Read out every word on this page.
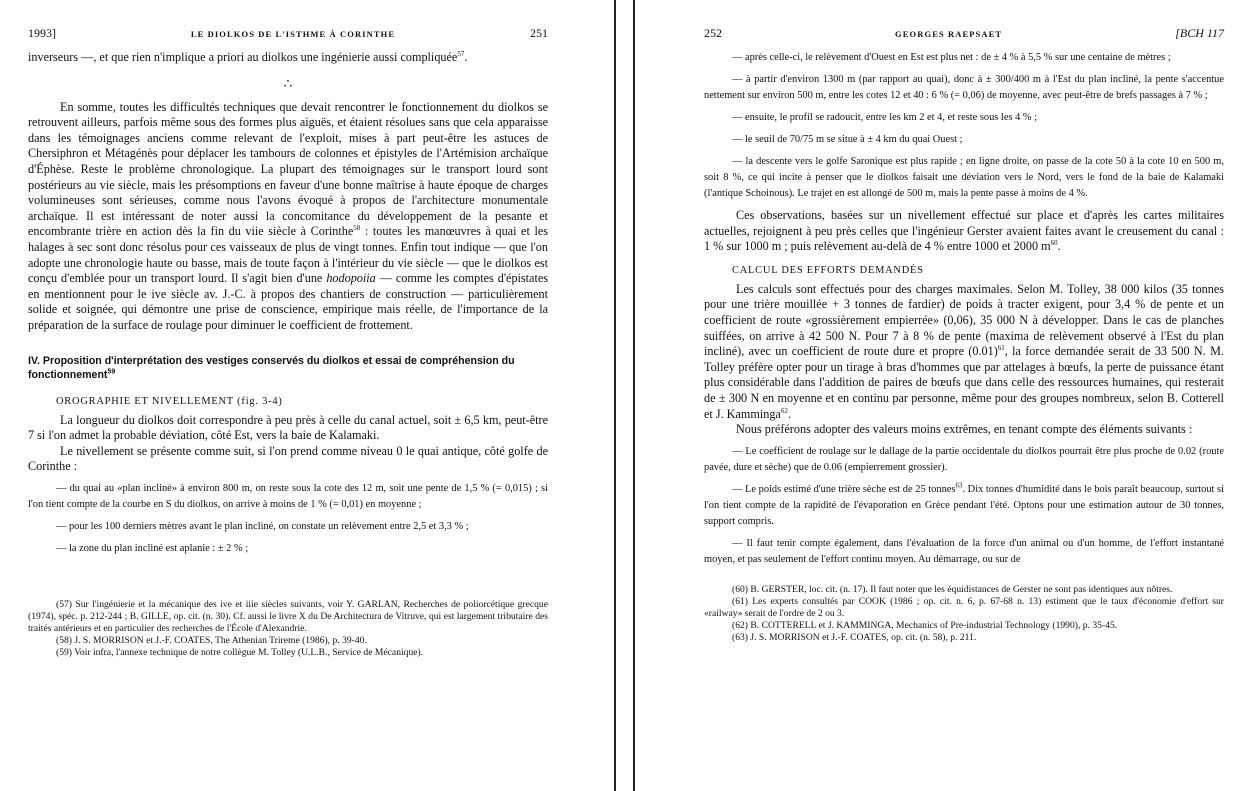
1993]	LE DIOLKOS DE L'ISTHME À CORINTHE	251

inverseurs —, et que rien n'implique a priori au diolkos une ingénierie aussi compliquée$^{57}$.

∴

En somme, toutes les difficultés techniques que devait rencontrer le fonctionnement du diolkos se retrouvent ailleurs, parfois même sous des formes plus aiguës, et étaient résolues sans que cela apparaisse dans les témoignages anciens comme relevant de l'exploit, mises à part peut-être les astuces de Chersiphron et Métagénès pour déplacer les tambours de colonnes et épistyles de l'Artémision archaïque d'Éphèse. Reste le problème chronologique. La plupart des témoignages sur le transport lourd sont postérieurs au vie siècle, mais les présomptions en faveur d'une bonne maîtrise à haute époque de charges volumineuses sont sérieuses, comme nous l'avons évoqué à propos de l'architecture monumentale archaïque. Il est intéressant de noter aussi la concomitance du développement de la pesante et encombrante trière en action dès la fin du viie siècle à Corinthe$^{58}$ : toutes les manœuvres à quai et les halages à sec sont donc résolus pour ces vaisseaux de plus de vingt tonnes. Enfin tout indique — que l'on adopte une chronologie haute ou basse, mais de toute façon à l'intérieur du vie siècle — que le diolkos est conçu d'emblée pour un transport lourd. Il s'agit bien d'une hodopoiia — comme les comptes d'épistates en mentionnent pour le ive siècle av. J.-C. à propos des chantiers de construction — particulièrement solide et soignée, qui démontre une prise de conscience, empirique mais réelle, de l'importance de la préparation de la surface de roulage pour diminuer le coefficient de frottement.

IV. Proposition d'interprétation des vestiges conservés du diolkos et essai de compréhension du fonctionnement$^{59}$
OROGRAPHIE ET NIVELLEMENT (fig. 3-4)

La longueur du diolkos doit correspondre à peu près à celle du canal actuel, soit ± 6,5 km, peut-être 7 si l'on admet la probable déviation, côté Est, vers la baie de Kalamaki.

Le nivellement se présente comme suit, si l'on prend comme niveau 0 le quai antique, côté golfe de Corinthe :

— du quai au «plan incliné» à environ 800 m, on reste sous la cote des 12 m, soit une pente de 1,5 % (= 0,015) ; si l'on tient compte de la courbe en S du diolkos, on arrive à moins de 1 % (= 0,01) en moyenne ;

— pour les 100 derniers mètres avant le plan incliné, on constate un relèvement entre 2,5 et 3,3 % ;

— la zone du plan incliné est aplanie : ± 2 % ;

(57) Sur l'ingénierie et la mécanique des ive et iiie siècles suivants, voir Y. GARLAN, Recherches de poliorcétique grecque (1974), spéc. p. 212-244 ; B. GILLE, op. cit. (n. 30). Cf. aussi le livre X du De Architectura de Vitruve, qui est largement tributaire des traités antérieurs et en particulier des recherches de l'École d'Alexandrie.

(58) J. S. MORRISON et J.-F. COATES, The Athenian Trireme (1986), p. 39-40.

(59) Voir infra, l'annexe technique de notre collègue M. Tolley (U.L.B., Service de Mécanique).

252	GEORGES RAEPSAET	[BCH 117

— après celle-ci, le relèvement d'Ouest en Est est plus net : de ± 4 % à 5,5 % sur une centaine de mètres ;

— à partir d'environ 1300 m (par rapport au quai), donc à ± 300/400 m à l'Est du plan incliné, la pente s'accentue nettement sur environ 500 m, entre les cotes 12 et 40 : 6 % (= 0,06) de moyenne, avec peut-être de brefs passages à 7 % ;

— ensuite, le profil se radoucit, entre les km 2 et 4, et reste sous les 4 % ;

— le seuil de 70/75 m se situe à ± 4 km du quai Ouest ;

— la descente vers le golfe Saronique est plus rapide ; en ligne droite, on passe de la cote 50 à la cote 10 en 500 m, soit 8 %, ce qui incite à penser que le diolkos faisait une déviation vers le Nord, vers le fond de la baie de Kalamaki (l'antique Schoinous). Le trajet en est allongé de 500 m, mais la pente passe à moins de 4 %.

Ces observations, basées sur un nivellement effectué sur place et d'après les cartes militaires actuelles, rejoignent à peu près celles que l'ingénieur Gerster avaient faites avant le creusement du canal : 1 % sur 1000 m ; puis relèvement au-delà de 4 % entre 1000 et 2000 $m^{60}$.

CALCUL DES EFFORTS DEMANDÉS

Les calculs sont effectués pour des charges maximales. Selon M. Tolley, 38 000 kilos (35 tonnes pour une trière mouillée + 3 tonnes de fardier) de poids à tracter exigent, pour 3,4 % de pente et un coefficient de route «grossièrement empierrée» (0,06), 35 000 N à développer. Dans le cas de planches suiffées, on arrive à 42 500 N. Pour 7 à 8 % de pente (maxima de relèvement observé à l'Est du plan incliné), avec un coefficient de route dure et propre $(0.01)^{61}$, la force demandée serait de 33 500 N. M. Tolley préfère opter pour un tirage à bras d'hommes que par attelages à bœufs, la perte de puissance étant plus considérable dans l'addition de paires de bœufs que dans celle des ressources humaines, qui resterait de ± 300 N en moyenne et en continu par personne, même pour des groupes nombreux, selon B. Cotterell et J. Kamminga$^{62}$.

Nous préférons adopter des valeurs moins extrêmes, en tenant compte des éléments suivants :

— Le coefficient de roulage sur le dallage de la partie occidentale du diolkos pourrait être plus proche de 0.02 (route pavée, dure et sèche) que de 0.06 (empierrement grossier).

— Le poids estimé d'une trière sèche est de 25 tonnes$^{63}$. Dix tonnes d'humidité dans le bois paraît beaucoup, surtout si l'on tient compte de la rapidité de l'évaporation en Grèce pendant l'été. Optons pour une estimation autour de 30 tonnes, support compris.

— Il faut tenir compte également, dans l'évaluation de la force d'un animal ou d'un homme, de l'effort instantané moyen, et pas seulement de l'effort continu moyen. Au démarrage, ou sur de

(60) B. GERSTER, loc. cit. (n. 17). Il faut noter que les équidistances de Gerster ne sont pas identiques aux nôtres.

(61) Les experts consultés par COOK (1986 ; op. cit. n. 6, p. 67-68 n. 13) estiment que le taux d'économie d'effort sur «railway» serait de l'ordre de 2 ou 3.

(62) B. COTTERELL et J. KAMMINGA, Mechanics of Pre-industrial Technology (1990), p. 35-45.

(63) J. S. MORRISON et J.-F. COATES, op. cit. (n. 58), p. 211.
